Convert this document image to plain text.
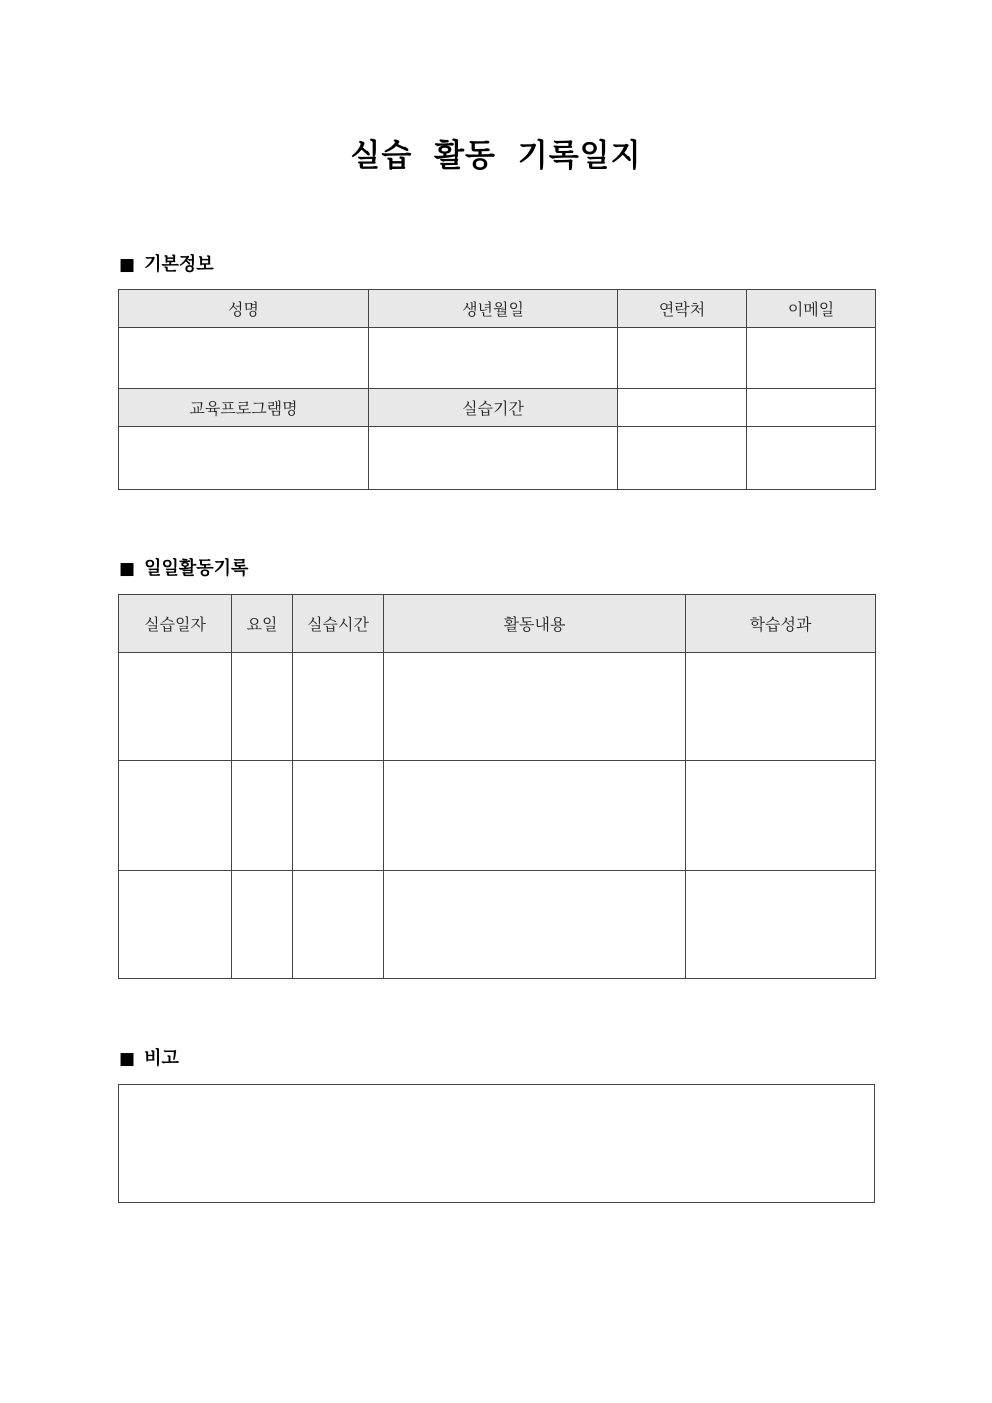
실습 활동 기록일지
■ 기본정보
성명	생년월일	연락처	이메일

교육프로그램명	실습기간		

■ 일일활동기록
실습일자	요일	실습시간	활동내용	학습성과

■ 비고
